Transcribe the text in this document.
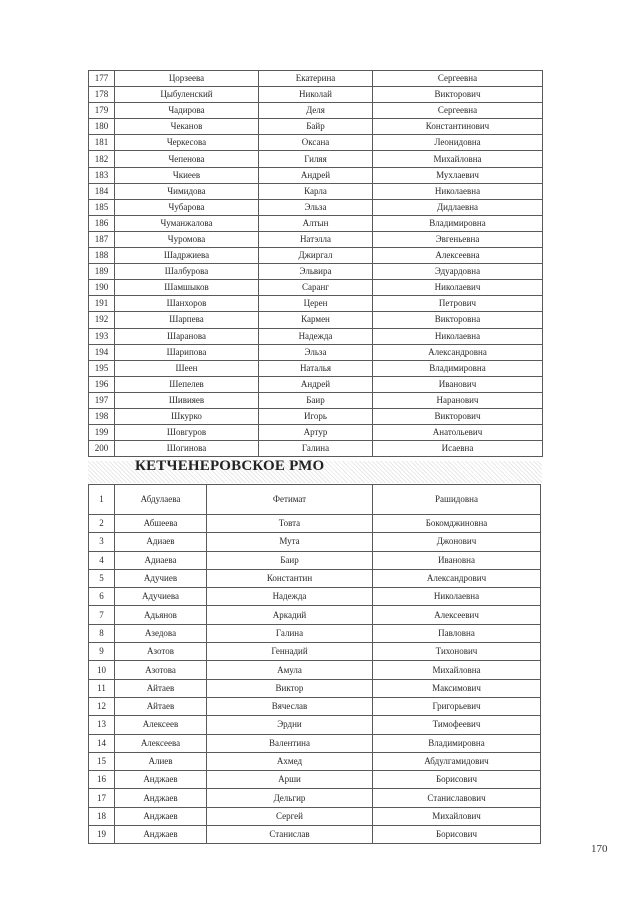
177	Цорзеева	Екатерина	Сергеевна
178	Цыбуленский	Николай	Викторович
179	Чадирова	Деля	Сергеевна
180	Чеканов	Байр	Константинович
181	Черкесова	Оксана	Леонидовна
182	Чепенова	Гиляя	Михайловна
183	Чкиеев	Андрей	Мухлаевич
184	Чимидова	Карла	Николаевна
185	Чубарова	Эльза	Дидлаевна
186	Чуманжалова	Алтын	Владимировна
187	Чуромова	Натэлла	Эвгеньевна
188	Шадржиева	Джиргал	Алексеевна
189	Шалбурова	Эльвира	Эдуардовна
190	Шамшыков	Саранг	Николаевич
191	Шанхоров	Церен	Петрович
192	Шарпева	Кармен	Викторовна
193	Шаранова	Надежда	Николаевна
194	Шарипова	Эльза	Александровна
195	Шеен	Наталья	Владимировна
196	Шепелев	Андрей	Иванович
197	Шивияев	Баир	Наранович
198	Шкурко	Игорь	Викторович
199	Шовгуров	Артур	Анатольевич
200	Шогинова	Галина	Исаевна
КЕТЧЕНЕРОВСКОЕ РМО
1	Абдулаева	Фетимат	Рашидовна
2	Абшеева	Товта	Бокомджиновна
3	Адиаев	Мута	Джонович
4	Адиаева	Баир	Ивановна
5	Адучиев	Константин	Александрович
6	Адучиева	Надежда	Николаевна
7	Адьянов	Аркадий	Алексеевич
8	Азедова	Галина	Павловна
9	Азотов	Геннадий	Тихонович
10	Азотова	Амула	Михайловна
11	Айтаев	Виктор	Максимович
12	Айтаев	Вячеслав	Григорьевич
13	Алексеев	Эрдни	Тимофеевич
14	Алексеева	Валентина	Владимировна
15	Алиев	Ахмед	Абдулгамидович
16	Анджаев	Арши	Борисович
17	Анджаев	Дельгир	Станиславович
18	Анджаев	Сергей	Михайлович
19	Анджаев	Станислав	Борисович
170
